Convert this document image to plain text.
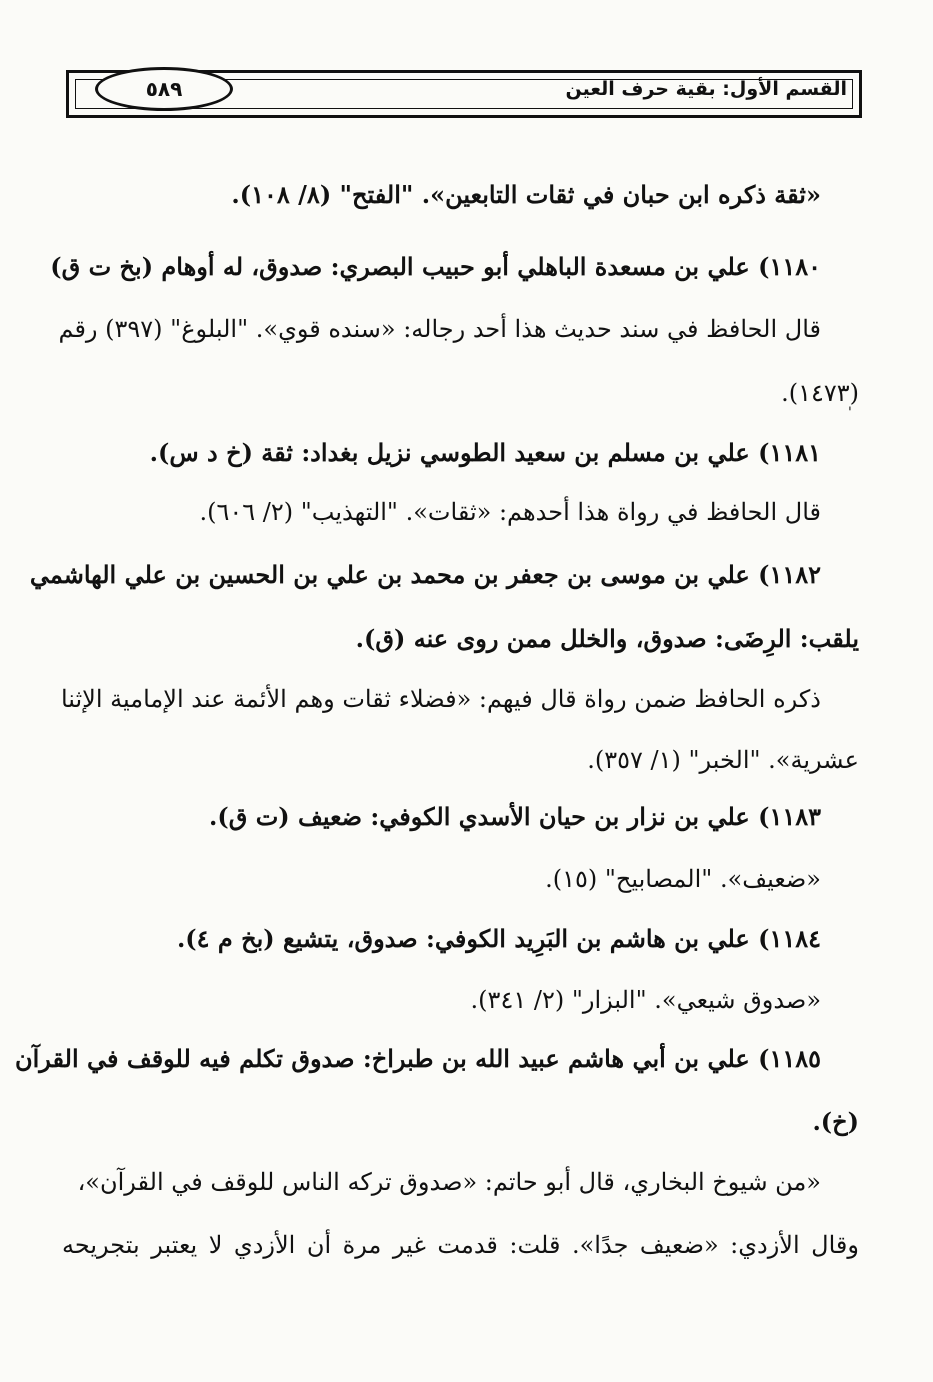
القسم الأول: بقية حرف العين
٥٨٩
«ثقة ذكره ابن حبان في ثقات التابعين». "الفتح" (٨/ ١٠٨).
١١٨٠) علي بن مسعدة الباهلي أبو حبيب البصري: صدوق، له أوهام (بخ ت ق)
قال الحافظ في سند حديث هذا أحد رجاله: «سنده قوي». "البلوغ" (٣٩٧) رقم
(١٤٧٣).
'
١١٨١) علي بن مسلم بن سعيد الطوسي نزيل بغداد: ثقة (خ د س).
قال الحافظ في رواة هذا أحدهم: «ثقات». "التهذيب" (٢/ ٦٠٦).
١١٨٢) علي بن موسى بن جعفر بن محمد بن علي بن الحسين بن علي الهاشمي
يلقب: الرِضَى: صدوق، والخلل ممن روى عنه (ق).
ذكره الحافظ ضمن رواة قال فيهم: «فضلاء ثقات وهم الأئمة عند الإمامية الإثنا
عشرية». "الخبر" (١/ ٣٥٧).
١١٨٣) علي بن نزار بن حيان الأسدي الكوفي: ضعيف (ت ق).
«ضعيف». "المصابيح" (١٥).
١١٨٤) علي بن هاشم بن البَرِيد الكوفي: صدوق، يتشيع (بخ م ٤).
«صدوق شيعي». "البزار" (٢/ ٣٤١).
١١٨٥) علي بن أبي هاشم عبيد الله بن طبراخ: صدوق تكلم فيه للوقف في القرآن
(خ).
«من شيوخ البخاري، قال أبو حاتم: «صدوق تركه الناس للوقف في القرآن»،
وقال الأزدي: «ضعيف جدًا». قلت: قدمت غير مرة أن الأزدي لا يعتبر بتجريحه
